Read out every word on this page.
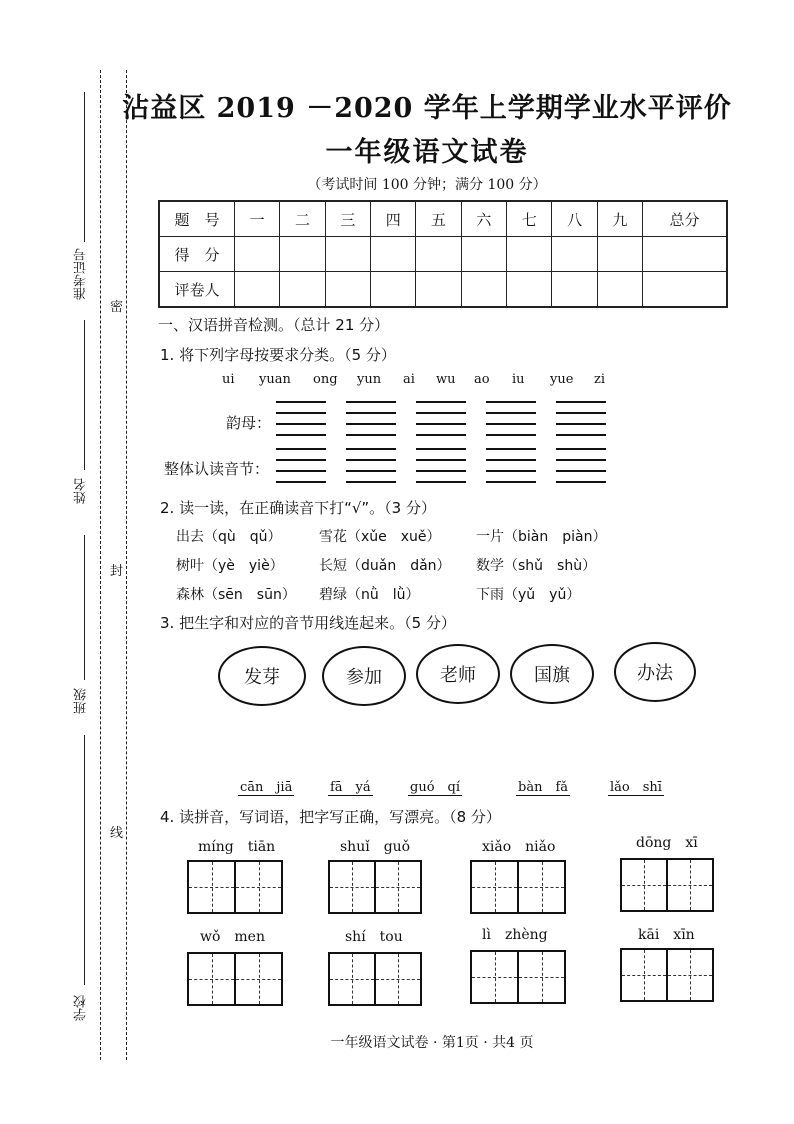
准考证号
姓名
班级
学校
密
封
线
沾益区 2019 －2020 学年上学期学业水平评价
一年级语文试卷
（考试时间 100 分钟；满分 100 分）
题　号	一	二	三	四	五	六	七	八	九	总分
得　分										
评卷人										
一、汉语拼音检测。（总计 21 分）
1. 将下列字母按要求分类。（5 分）
ui yuan ong yun ai wu ao iu yue zi
韵母：
整体认读音节：
2. 读一读，在正确读音下打“√”。（3 分）
出去（qù　qǔ）	雪花（xǔe　xuě）	一片（biàn　piàn）
树叶（yè　yiè）	长短（duǎn　dǎn） 数学（shǔ　shù）
森林（sēn　sūn） 碧绿（nǜ　lǜ）	下雨（yǔ　yǔ）
3. 把生字和对应的音节用线连起来。（5 分）
发芽	参加	老师	国旗	办法
cān　jiā	fā　yá	guó　qí	bàn　fǎ	lǎo　shī
4. 读拼音，写词语，把字写正确，写漂亮。（8 分）
míng　tiān	shuǐ　guǒ	xiǎo　niǎo	dōng　xī
wǒ　men	shí　tou	lì　zhèng	kāi　xīn
一年级语文试卷 · 第1页 · 共4 页
